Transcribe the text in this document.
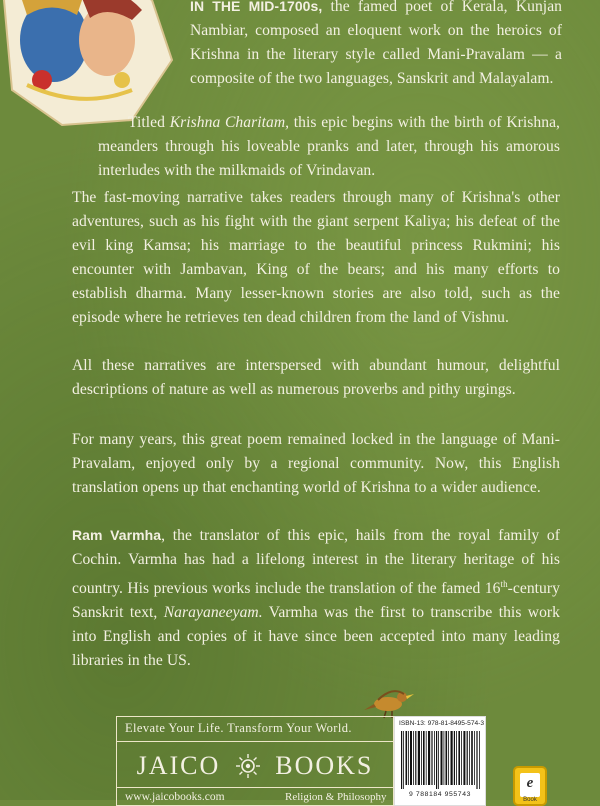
IN THE MID-1700s, the famed poet of Kerala, Kunjan Nambiar, composed an eloquent work on the heroics of Krishna in the literary style called Mani-Pravalam — a composite of the two languages, Sanskrit and Malayalam.
Titled Krishna Charitam, this epic begins with the birth of Krishna, meanders through his loveable pranks and later, through his amorous interludes with the milkmaids of Vrindavan.
The fast-moving narrative takes readers through many of Krishna's other adventures, such as his fight with the giant serpent Kaliya; his defeat of the evil king Kamsa; his marriage to the beautiful princess Rukmini; his encounter with Jambavan, King of the bears; and his many efforts to establish dharma. Many lesser-known stories are also told, such as the episode where he retrieves ten dead children from the land of Vishnu.
All these narratives are interspersed with abundant humour, delightful descriptions of nature as well as numerous proverbs and pithy urgings.
For many years, this great poem remained locked in the language of Mani-Pravalam, enjoyed only by a regional community. Now, this English translation opens up that enchanting world of Krishna to a wider audience.
Ram Varmha, the translator of this epic, hails from the royal family of Cochin. Varmha has had a lifelong interest in the literary heritage of his country. His previous works include the translation of the famed 16th-century Sanskrit text, Narayaneeyam. Varmha was the first to transcribe this work into English and copies of it have since been accepted into many leading libraries in the US.
Elevate Your Life. Transform Your World.
JAICO BOOKS
www.jaicobooks.com	Religion & Philosophy
ISBN-13: 978-81-8495-574-3
9 788184 955743
e
Book
